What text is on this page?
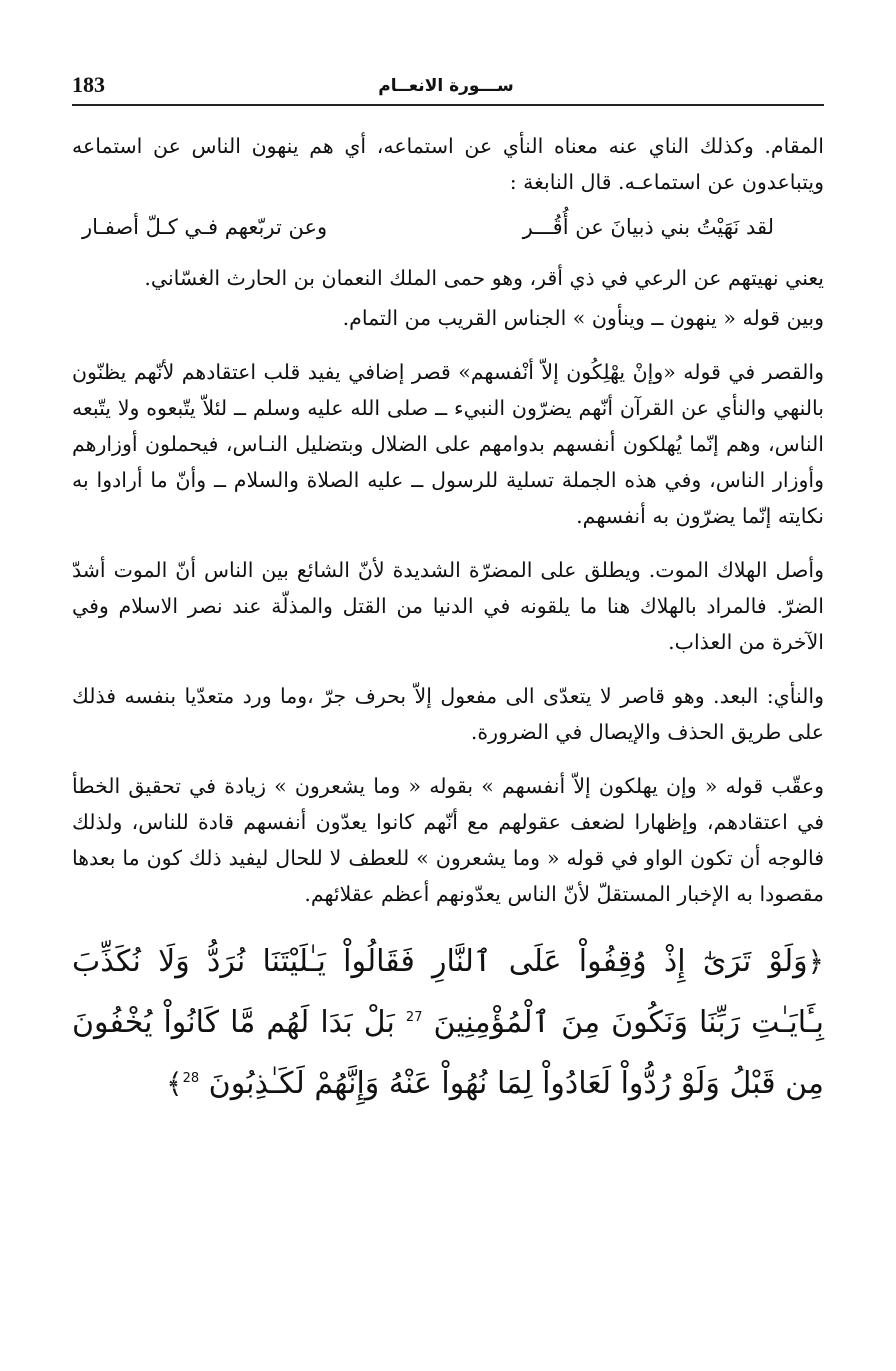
183	ســـورة الانعــام

المقام. وكذلك الناي عنه معناه النأي عن استماعه، أي هم ينهون الناس عن استماعه ويتباعدون عن استماعـه. قال النابغة :

لقد نَهَيْتُ بني ذبيانَ عن أُقُـــر
وعن تربّعهم فـي كـلّ أصفـار

يعني نهيتهم عن الرعي في ذي أقر، وهو حمى الملك النعمان بن الحارث الغسّاني.

وبين قوله « ينهون ــ وينأون » الجناس القريب من التمام.

والقصر في قوله «وإنْ يهْلِكُون إلاّ أنْفسهم» قصر إضافي يفيد قلب اعتقادهم لأنّهم يظنّون بالنهي والنأي عن القرآن أنّهم يضرّون النبيء ــ صلى الله عليه وسلم ــ لئلاّ يتّبعوه ولا يتّبعه الناس، وهم إنّما يُهلكون أنفسهم بدوامهم على الضلال وبتضليل النـاس، فيحملون أوزارهم وأوزار الناس، وفي هذه الجملة تسلية للرسول ــ عليه الصلاة والسلام ــ وأنّ ما أرادوا به نكايته إنّما يضرّون به أنفسهم.

وأصل الهلاك الموت. ويطلق على المضرّة الشديدة لأنّ الشائع بين الناس أنّ الموت أشدّ الضرّ. فالمراد بالهلاك هنا ما يلقونه في الدنيا من القتل والمذلّة عند نصر الاسلام وفي الآخرة من العذاب.

والنأي: البعد. وهو قاصر لا يتعدّى الى مفعول إلاّ بحرف جرّ ،وما ورد متعدّيا بنفسه فذلك على طريق الحذف والإيصال في الضرورة.

وعقّب قوله « وإن يهلكون إلاّ أنفسهم » بقوله « وما يشعرون » زيادة في تحقيق الخطأ في اعتقادهم، وإظهارا لضعف عقولهم مع أنّهم كانوا يعدّون أنفسهم قادة للناس، ولذلك فالوجه أن تكون الواو في قوله « وما يشعرون » للعطف لا للحال ليفيد ذلك كون ما بعدها مقصودا به الإخبار المستقلّ لأنّ الناس يعدّونهم أعظم عقلائهم.

﴿وَلَوْ تَرَىٰٓ إِذْ وُقِفُواْ عَلَى ٱلنَّارِ فَقَالُواْ يَـٰلَيْتَنَا نُرَدُّ وَلَا نُكَذِّبَ بِـَٔايَـٰتِ رَبِّنَا وَنَكُونَ مِنَ ٱلْمُؤْمِنِينَ $^{27}$ بَلْ بَدَا لَهُم مَّا كَانُواْ يُخْفُونَ مِن قَبْلُ وَلَوْ رُدُّواْ لَعَادُواْ لِمَا نُهُواْ عَنْهُ وَإِنَّهُمْ لَكَـٰذِبُونَ $^{28}$﴾
